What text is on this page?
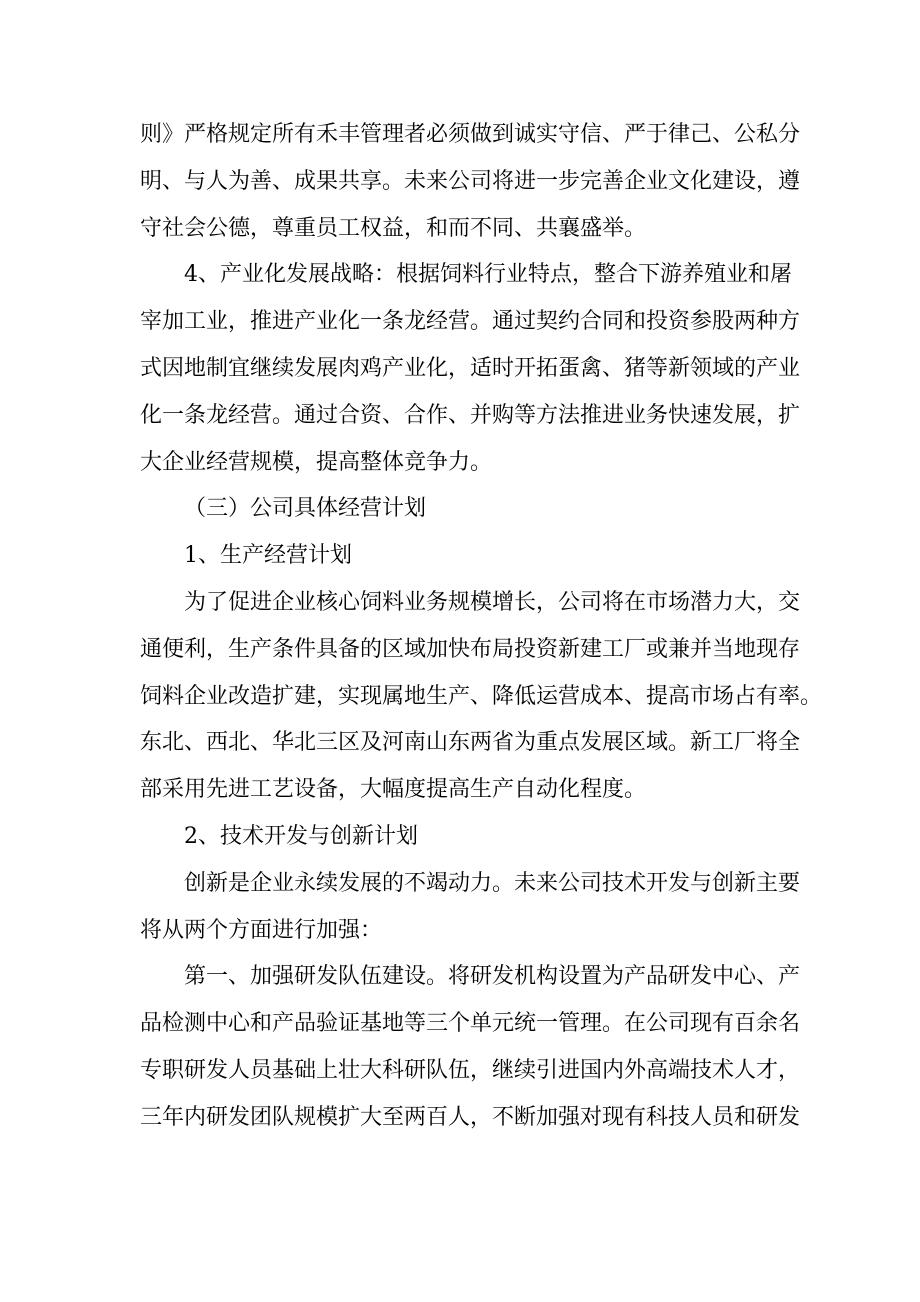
则》严格规定所有禾丰管理者必须做到诚实守信、严于律己、公私分
明、与人为善、成果共享。未来公司将进一步完善企业文化建设，遵
守社会公德，尊重员工权益，和而不同、共襄盛举。
4、产业化发展战略：根据饲料行业特点，整合下游养殖业和屠
宰加工业，推进产业化一条龙经营。通过契约合同和投资参股两种方
式因地制宜继续发展肉鸡产业化，适时开拓蛋禽、猪等新领域的产业
化一条龙经营。通过合资、合作、并购等方法推进业务快速发展，扩
大企业经营规模，提高整体竞争力。
（三）公司具体经营计划
1、生产经营计划
为了促进企业核心饲料业务规模增长，公司将在市场潜力大，交
通便利，生产条件具备的区域加快布局投资新建工厂或兼并当地现存
饲料企业改造扩建，实现属地生产、降低运营成本、提高市场占有率。
东北、西北、华北三区及河南山东两省为重点发展区域。新工厂将全
部采用先进工艺设备，大幅度提高生产自动化程度。
2、技术开发与创新计划
创新是企业永续发展的不竭动力。未来公司技术开发与创新主要
将从两个方面进行加强：
第一、加强研发队伍建设。将研发机构设置为产品研发中心、产
品检测中心和产品验证基地等三个单元统一管理。在公司现有百余名
专职研发人员基础上壮大科研队伍，继续引进国内外高端技术人才，
三年内研发团队规模扩大至两百人，不断加强对现有科技人员和研发
